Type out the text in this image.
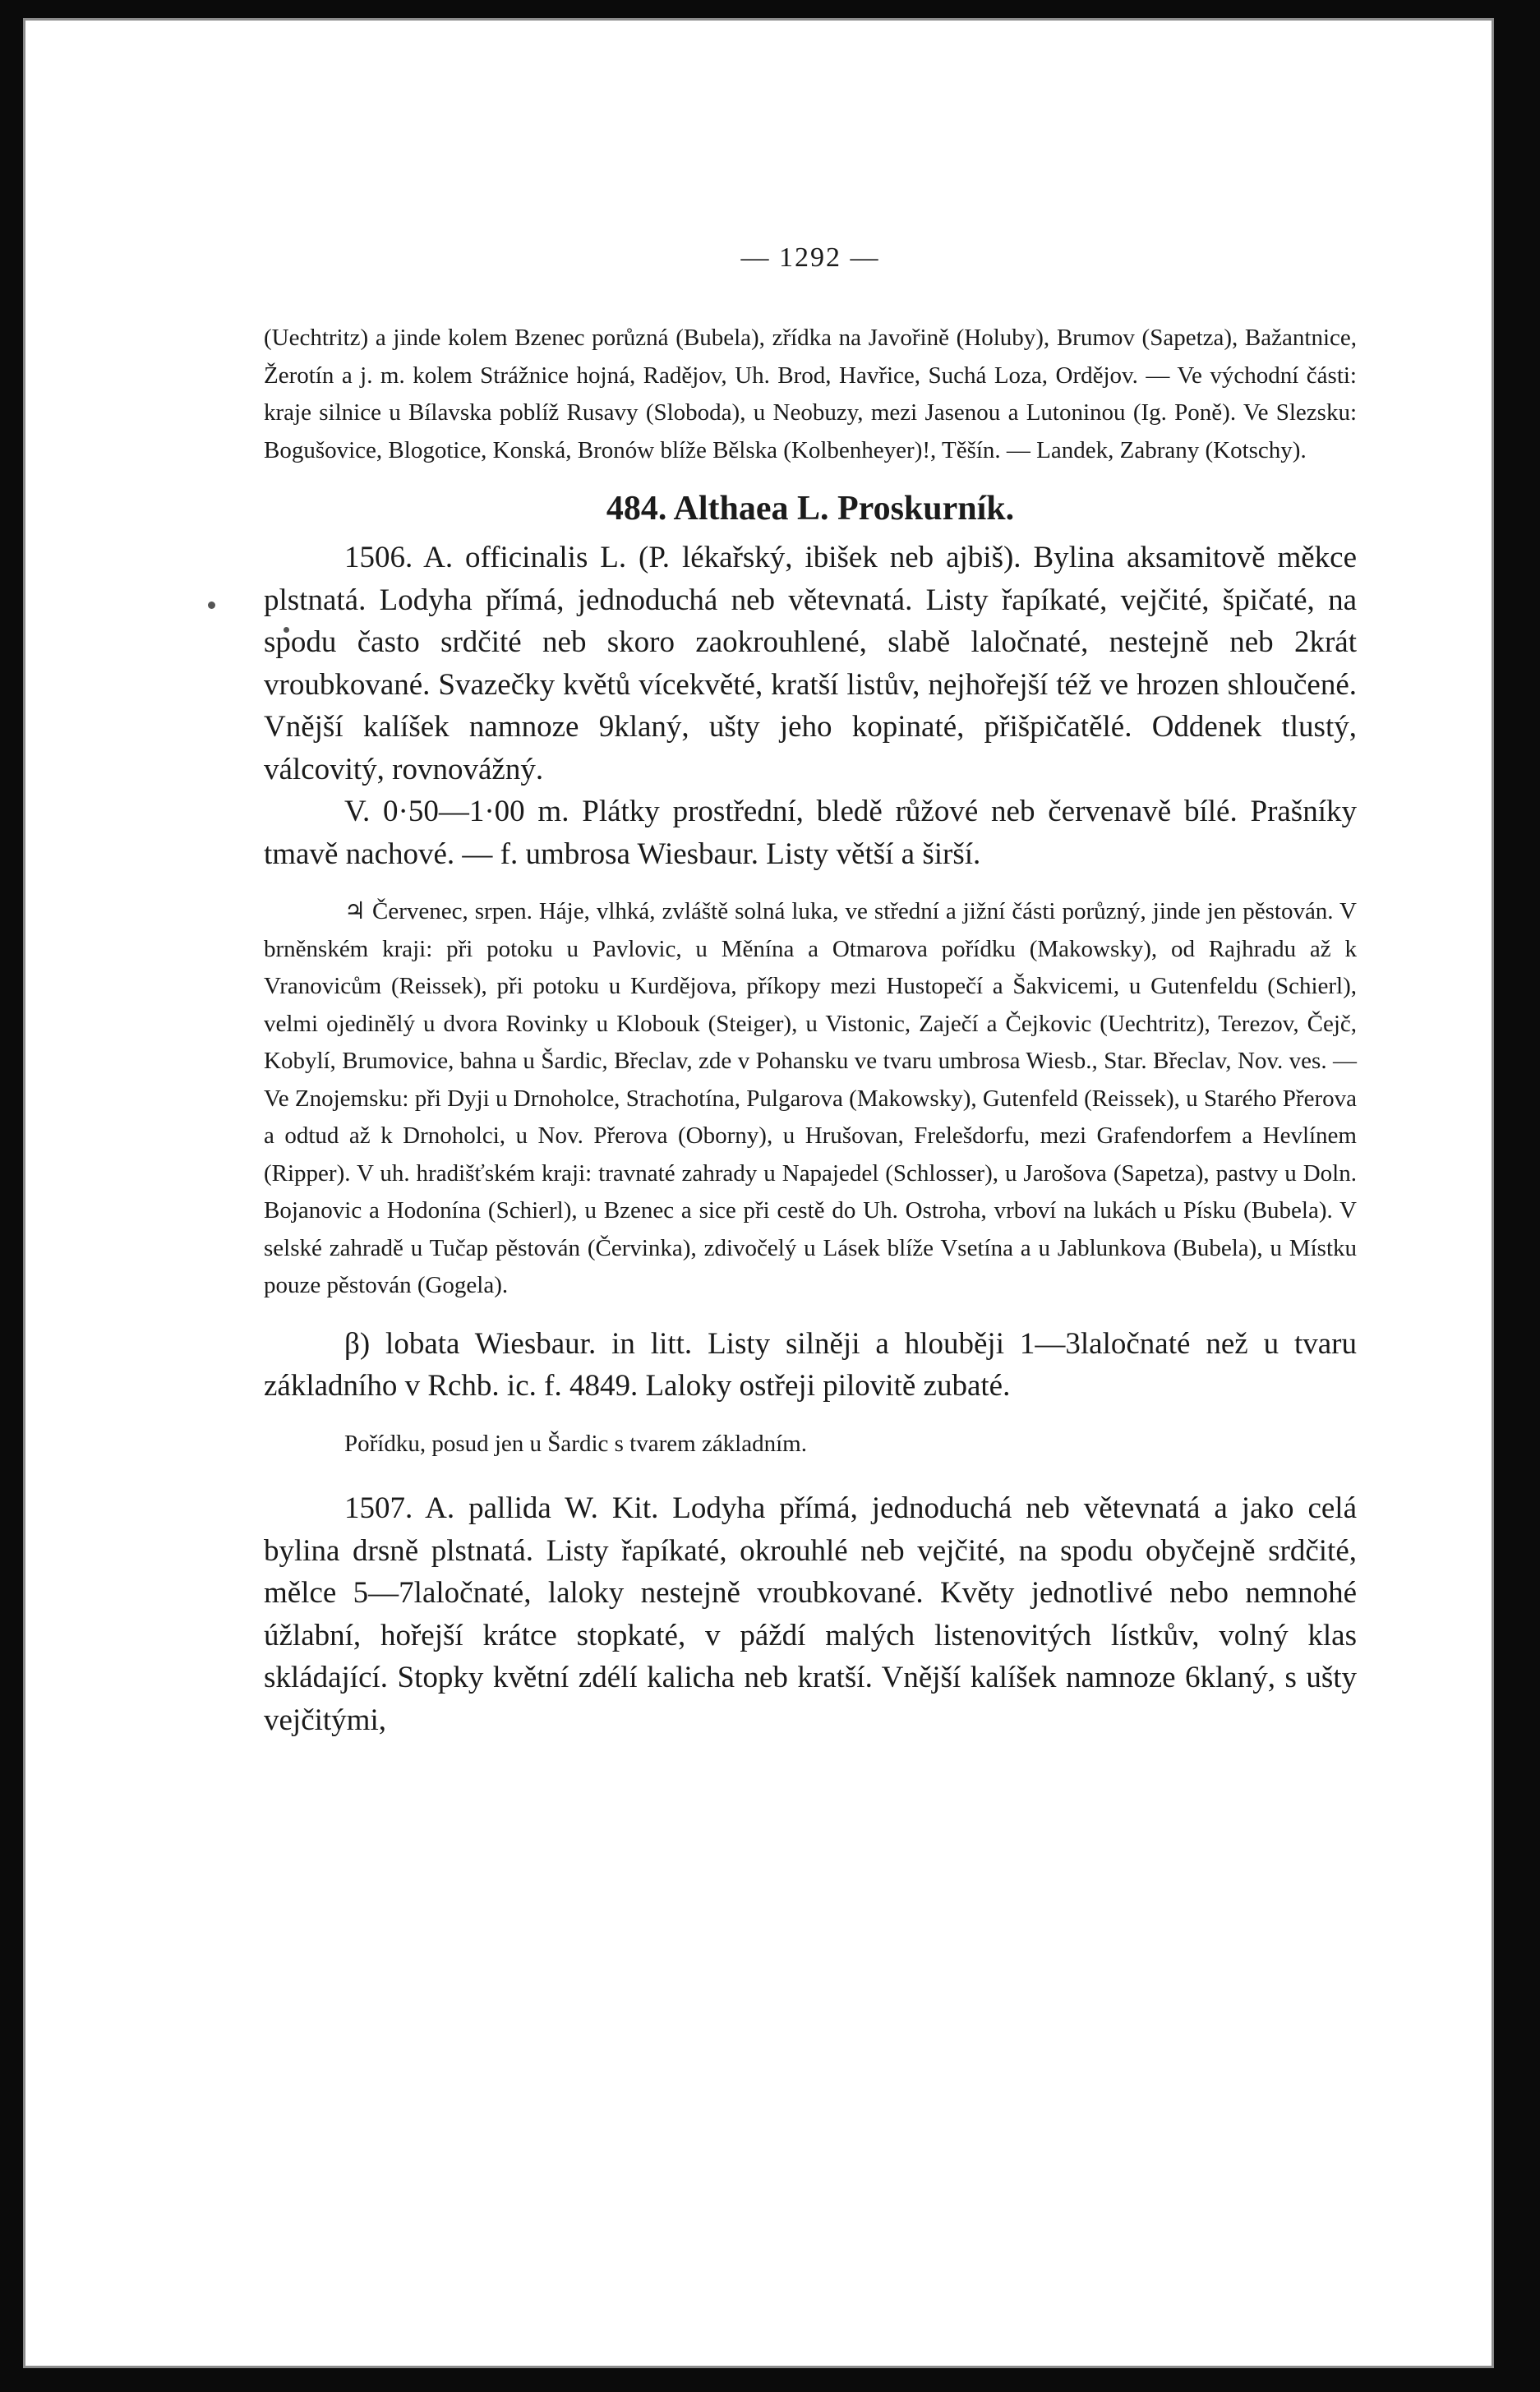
— 1292 —

(Uechtritz) a jinde kolem Bzenec porůzná (Bubela), zřídka na Javořině (Holuby), Brumov (Sapetza), Bažantnice, Žerotín a j. m. kolem Strážnice hojná, Radějov, Uh. Brod, Havřice, Suchá Loza, Ordějov. — Ve východní části: kraje silnice u Bílavska poblíž Rusavy (Sloboda), u Neobuzy, mezi Jasenou a Lutoninou (Ig. Poně). Ve Slezsku: Bogušovice, Blogotice, Konská, Bronów blíže Bělska (Kolbenheyer)!, Těšín. — Landek, Zabrany (Kotschy).

484. Althaea L. Proskurník.

1506. A. officinalis L. (P. lékařský, ibišek neb ajbiš). Bylina aksamitově měkce plstnatá. Lodyha přímá, jednoduchá neb větevnatá. Listy řapíkaté, vejčité, špičaté, na spodu často srdčité neb skoro zaokrouhlené, slabě laločnaté, nestejně neb 2krát vroubkované. Svazečky květů vícekvěté, kratší listův, nejhořejší též ve hrozen shloučené. Vnější kalíšek namnoze 9klaný, ušty jeho kopinaté, přišpičatělé. Oddenek tlustý, válcovitý, rovnovážný.

V. 0·50—1·00 m. Plátky prostřední, bledě růžové neb červenavě bílé. Prašníky tmavě nachové. — f. umbrosa Wiesbaur. Listy větší a širší.

♃ Červenec, srpen. Háje, vlhká, zvláště solná luka, ve střední a jižní části porůzný, jinde jen pěstován. V brněnském kraji: při potoku u Pavlovic, u Měnína a Otmarova pořídku (Makowsky), od Rajhradu až k Vranovicům (Reissek), při potoku u Kurdějova, příkopy mezi Hustopečí a Šakvicemi, u Gutenfeldu (Schierl), velmi ojedinělý u dvora Rovinky u Klobouk (Steiger), u Vistonic, Zaječí a Čejkovic (Uechtritz), Terezov, Čejč, Kobylí, Brumovice, bahna u Šardic, Břeclav, zde v Pohansku ve tvaru umbrosa Wiesb., Star. Břeclav, Nov. ves. — Ve Znojemsku: při Dyji u Drnoholce, Strachotína, Pulgarova (Makowsky), Gutenfeld (Reissek), u Starého Přerova a odtud až k Drnoholci, u Nov. Přerova (Oborny), u Hrušovan, Frelešdorfu, mezi Grafendorfem a Hevlínem (Ripper). V uh. hradišťském kraji: travnaté zahrady u Napajedel (Schlosser), u Jarošova (Sapetza), pastvy u Doln. Bojanovic a Hodonína (Schierl), u Bzenec a sice při cestě do Uh. Ostroha, vrboví na lukách u Písku (Bubela). V selské zahradě u Tučap pěstován (Červinka), zdivočelý u Lásek blíže Vsetína a u Jablunkova (Bubela), u Místku pouze pěstován (Gogela).

β) lobata Wiesbaur. in litt. Listy silněji a hlouběji 1—3laločnaté než u tvaru základního v Rchb. ic. f. 4849. Laloky ostřeji pilovitě zubaté.

Pořídku, posud jen u Šardic s tvarem základním.

1507. A. pallida W. Kit. Lodyha přímá, jednoduchá neb větevnatá a jako celá bylina drsně plstnatá. Listy řapíkaté, okrouhlé neb vejčité, na spodu obyčejně srdčité, mělce 5—7laločnaté, laloky nestejně vroubkované. Květy jednotlivé nebo nemnohé úžlabní, hořejší krátce stopkaté, v páždí malých listenovitých lístkův, volný klas skládající. Stopky květní zdélí kalicha neb kratší. Vnější kalíšek namnoze 6klaný, s ušty vejčitými,
